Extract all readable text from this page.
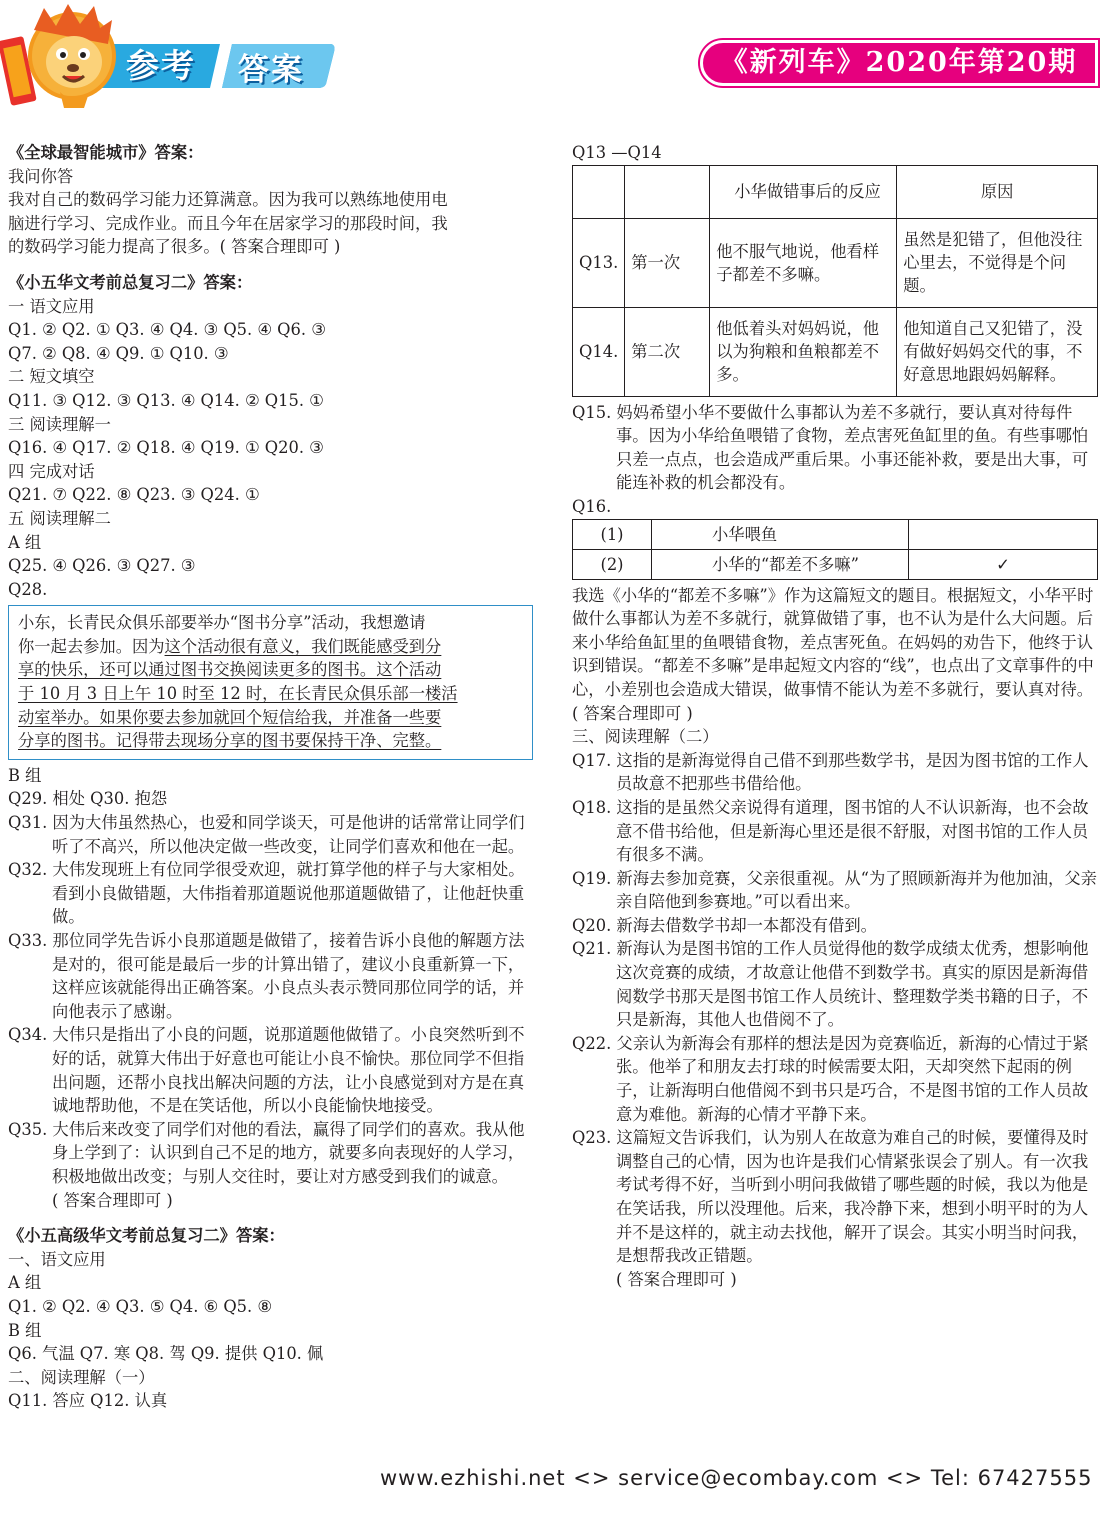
参考 答案	《新列车》2020年第20期
《全球最智能城市》答案：
我问你答
我对自己的数码学习能力还算满意。因为我可以熟练地使用电
脑进行学习、完成作业。而且今年在居家学习的那段时间，我
的数码学习能力提高了很多。( 答案合理即可 )
《小五华文考前总复习二》答案：
一 语文应用
Q1. ② Q2. ① Q3. ④ Q4. ③ Q5. ④ Q6. ③
Q7. ② Q8. ④ Q9. ① Q10. ③
二 短文填空
Q11. ③ Q12. ③ Q13. ④ Q14. ② Q15. ①
三 阅读理解一
Q16. ④ Q17. ② Q18. ④ Q19. ① Q20. ③
四 完成对话
Q21. ⑦ Q22. ⑧ Q23. ③ Q24. ①
五 阅读理解二
A 组
Q25. ④ Q26. ③ Q27. ③
Q28.
小东，长青民众俱乐部要举办“图书分享”活动，我想邀请
你一起去参加。因为这个活动很有意义，我们既能感受到分
享的快乐，还可以通过图书交换阅读更多的图书。这个活动
于 10 月 3 日上午 10 时至 12 时，在长青民众俱乐部一楼活
动室举办。如果你要去参加就回个短信给我，并准备一些要
分享的图书。记得带去现场分享的图书要保持干净、完整。
B 组
Q29. 相处 Q30. 抱怨
Q31. 因为大伟虽然热心，也爱和同学谈天，可是他讲的话常常让同学们听了不高兴，所以他决定做一些改变，让同学们喜欢和他在一起。
Q32. 大伟发现班上有位同学很受欢迎，就打算学他的样子与大家相处。看到小良做错题，大伟指着那道题说他那道题做错了，让他赶快重做。
Q33. 那位同学先告诉小良那道题是做错了，接着告诉小良他的解题方法是对的，很可能是最后一步的计算出错了，建议小良重新算一下，这样应该就能得出正确答案。小良点头表示赞同那位同学的话，并向他表示了感谢。
Q34. 大伟只是指出了小良的问题，说那道题他做错了。小良突然听到不好的话，就算大伟出于好意也可能让小良不愉快。那位同学不但指出问题，还帮小良找出解决问题的方法，让小良感觉到对方是在真诚地帮助他，不是在笑话他，所以小良能愉快地接受。
Q35. 大伟后来改变了同学们对他的看法，赢得了同学们的喜欢。我从他身上学到了：认识到自己不足的地方，就要多向表现好的人学习，积极地做出改变；与别人交往时，要让对方感受到我们的诚意。
( 答案合理即可 )
《小五高级华文考前总复习二》答案：
一、语文应用
A 组
Q1. ② Q2. ④ Q3. ⑤ Q4. ⑥ Q5. ⑧
B 组
Q6. 气温 Q7. 寒 Q8. 驾 Q9. 提供 Q10. 佩
二、阅读理解（一）
Q11. 答应 Q12. 认真
Q13 —Q14
		小华做错事后的反应	原因
Q13.	第一次	他不服气地说，他看样子都差不多嘛。	虽然是犯错了，但他没往心里去，不觉得是个问题。
Q14.	第二次	他低着头对妈妈说，他以为狗粮和鱼粮都差不多。	他知道自己又犯错了，没有做好妈妈交代的事，不好意思地跟妈妈解释。
Q15. 妈妈希望小华不要做什么事都认为差不多就行，要认真对待每件事。因为小华给鱼喂错了食物，差点害死鱼缸里的鱼。有些事哪怕只差一点点，也会造成严重后果。小事还能补救，要是出大事，可能连补救的机会都没有。
Q16.
(1)	小华喂鱼	
(2)	小华的“都差不多嘛”	✓
我选《小华的“都差不多嘛”》作为这篇短文的题目。根据短文，小华平时做什么事都认为差不多就行，就算做错了事，也不认为是什么大问题。后来小华给鱼缸里的鱼喂错食物，差点害死鱼。在妈妈的劝告下，他终于认识到错误。“都差不多嘛”是串起短文内容的“线”，也点出了文章事件的中心，小差别也会造成大错误，做事情不能认为差不多就行，要认真对待。
( 答案合理即可 )
三、阅读理解（二）
Q17. 这指的是新海觉得自己借不到那些数学书，是因为图书馆的工作人员故意不把那些书借给他。
Q18. 这指的是虽然父亲说得有道理，图书馆的人不认识新海，也不会故意不借书给他，但是新海心里还是很不舒服，对图书馆的工作人员有很多不满。
Q19. 新海去参加竞赛，父亲很重视。从“为了照顾新海并为他加油，父亲亲自陪他到参赛地。”可以看出来。
Q20. 新海去借数学书却一本都没有借到。
Q21. 新海认为是图书馆的工作人员觉得他的数学成绩太优秀，想影响他这次竞赛的成绩，才故意让他借不到数学书。真实的原因是新海借阅数学书那天是图书馆工作人员统计、整理数学类书籍的日子，不只是新海，其他人也借阅不了。
Q22. 父亲认为新海会有那样的想法是因为竞赛临近，新海的心情过于紧张。他举了和朋友去打球的时候需要太阳，天却突然下起雨的例子，让新海明白他借阅不到书只是巧合，不是图书馆的工作人员故意为难他。新海的心情才平静下来。
Q23. 这篇短文告诉我们，认为别人在故意为难自己的时候，要懂得及时调整自己的心情，因为也许是我们心情紧张误会了别人。有一次我考试考得不好，当听到小明问我做错了哪些题的时候，我以为他是在笑话我，所以没理他。后来，我冷静下来，想到小明平时的为人并不是这样的，就主动去找他，解开了误会。其实小明当时问我，是想帮我改正错题。
( 答案合理即可 )
www.ezhishi.net <> service@ecombay.com <> Tel: 67427555
